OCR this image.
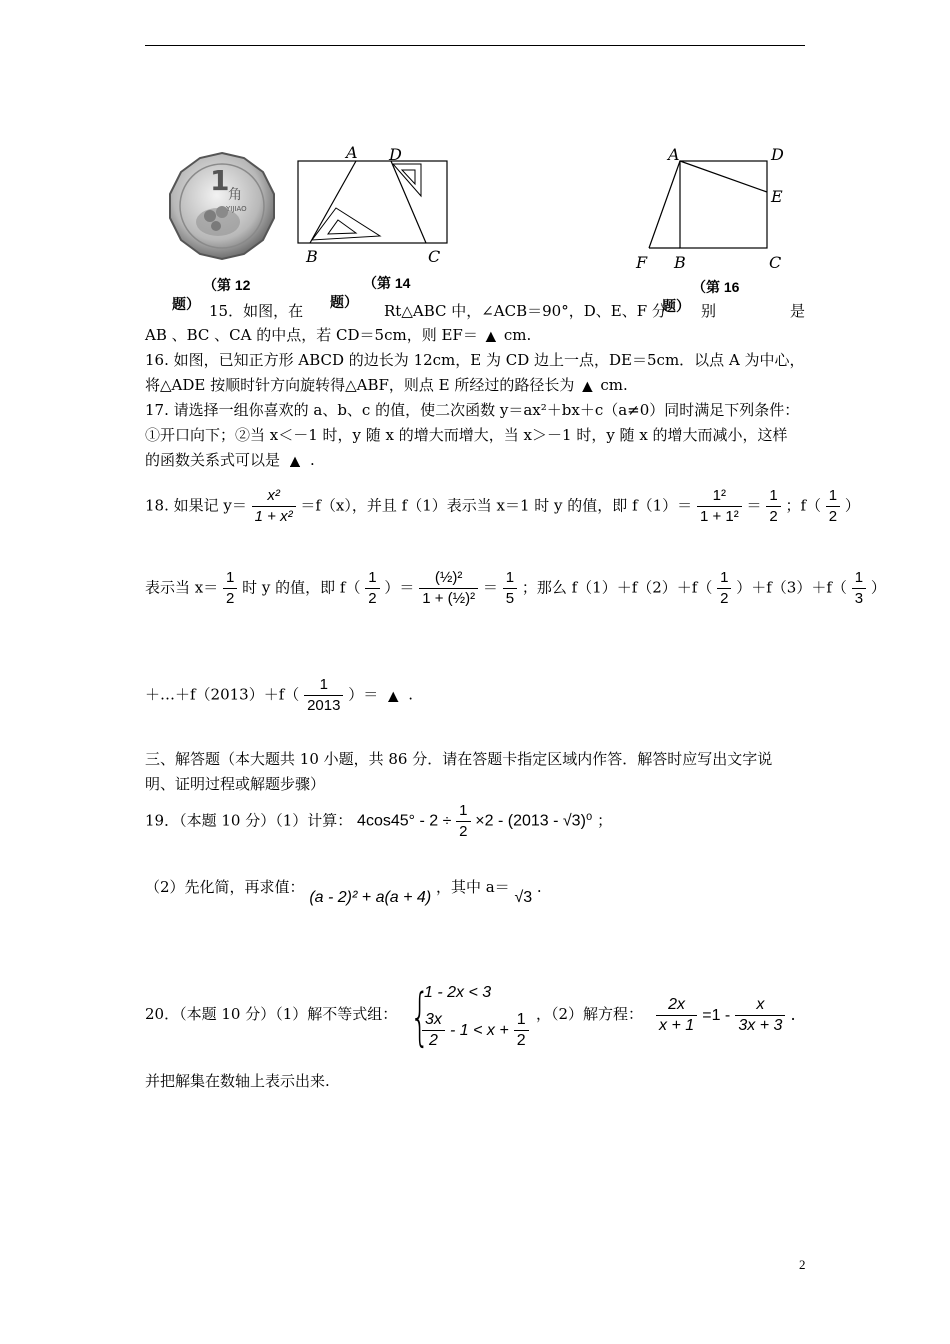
1
角
YIJIAO
A D
B	C
A	D
E
F B	C
（第 12
题）
（第 14
题）
（第 16
题）
15．如图，在	Rt△ABC 中，∠ACB＝90°，D、E、F 分 别	是
AB 、BC 、CA 的中点，若 CD＝5cm，则 EF＝ ▲ cm.
16. 如图，已知正方形 ABCD 的边长为 12cm，E 为 CD 边上一点，DE＝5cm．以点 A 为中心，
将△ADE 按顺时针方向旋转得△ABF，则点 E 所经过的路径长为 ▲ cm.
17. 请选择一组你喜欢的 a、b、c 的值，使二次函数 y＝ax²＋bx＋c（a≠0）同时满足下列条件：
①开口向下；②当 x＜－1 时，y 随 x 的增大而增大，当 x＞－1 时，y 随 x 的增大而减小，这样
的函数关系式可以是 ▲ .
18. 如果记 $y= \frac{\text{x²}}{\text{1 + x²}} =f(x)$，并且 f（1）表示当 x＝1 时 y 的值，即 $f(1)= \frac{\text{1²}}{\text{1 + 1²}} = \frac{1}{2}$ ；$f( \frac{1}{2}$ ）
表示当 $x= \frac{1}{2}$ 时 y 的值，即 $f( \frac{1}{2}$ ）＝ $\frac{\text{(½)²}}{\text{1 + (½)²}} = \frac{1}{5}$ ；那么 $f(1)+f(2)+f( \frac{1}{2} )+f(3)+f( \frac{1}{3}$ ）
＋…＋f（2013）＋f（ $\frac{1}{2013}$ ）＝ ▲ .
三、解答题（本大题共 10 小题，共 86 分．请在答题卡指定区域内作答．解答时应写出文字说
明、证明过程或解题步骤）
19．（本题 10 分）（1）计算： $4\cos 45^\circ - 2 \div \frac{1}{2} \times 2 - (2013 - √3)^0$ ；
（2）先化简，再求值： (a - 2)² + a(a + 4) ，其中 a＝ √3 .
20．（本题 10 分）（1）解不等式组： {
1 - 2x < 3
$\frac{3x}{2} - 1 < x + \frac{1}{2}$ ，（2）解方程： $\frac{2x}{x + 1} =1 - \frac{x}{3x + 3}$ .
并把解集在数轴上表示出来.
2
